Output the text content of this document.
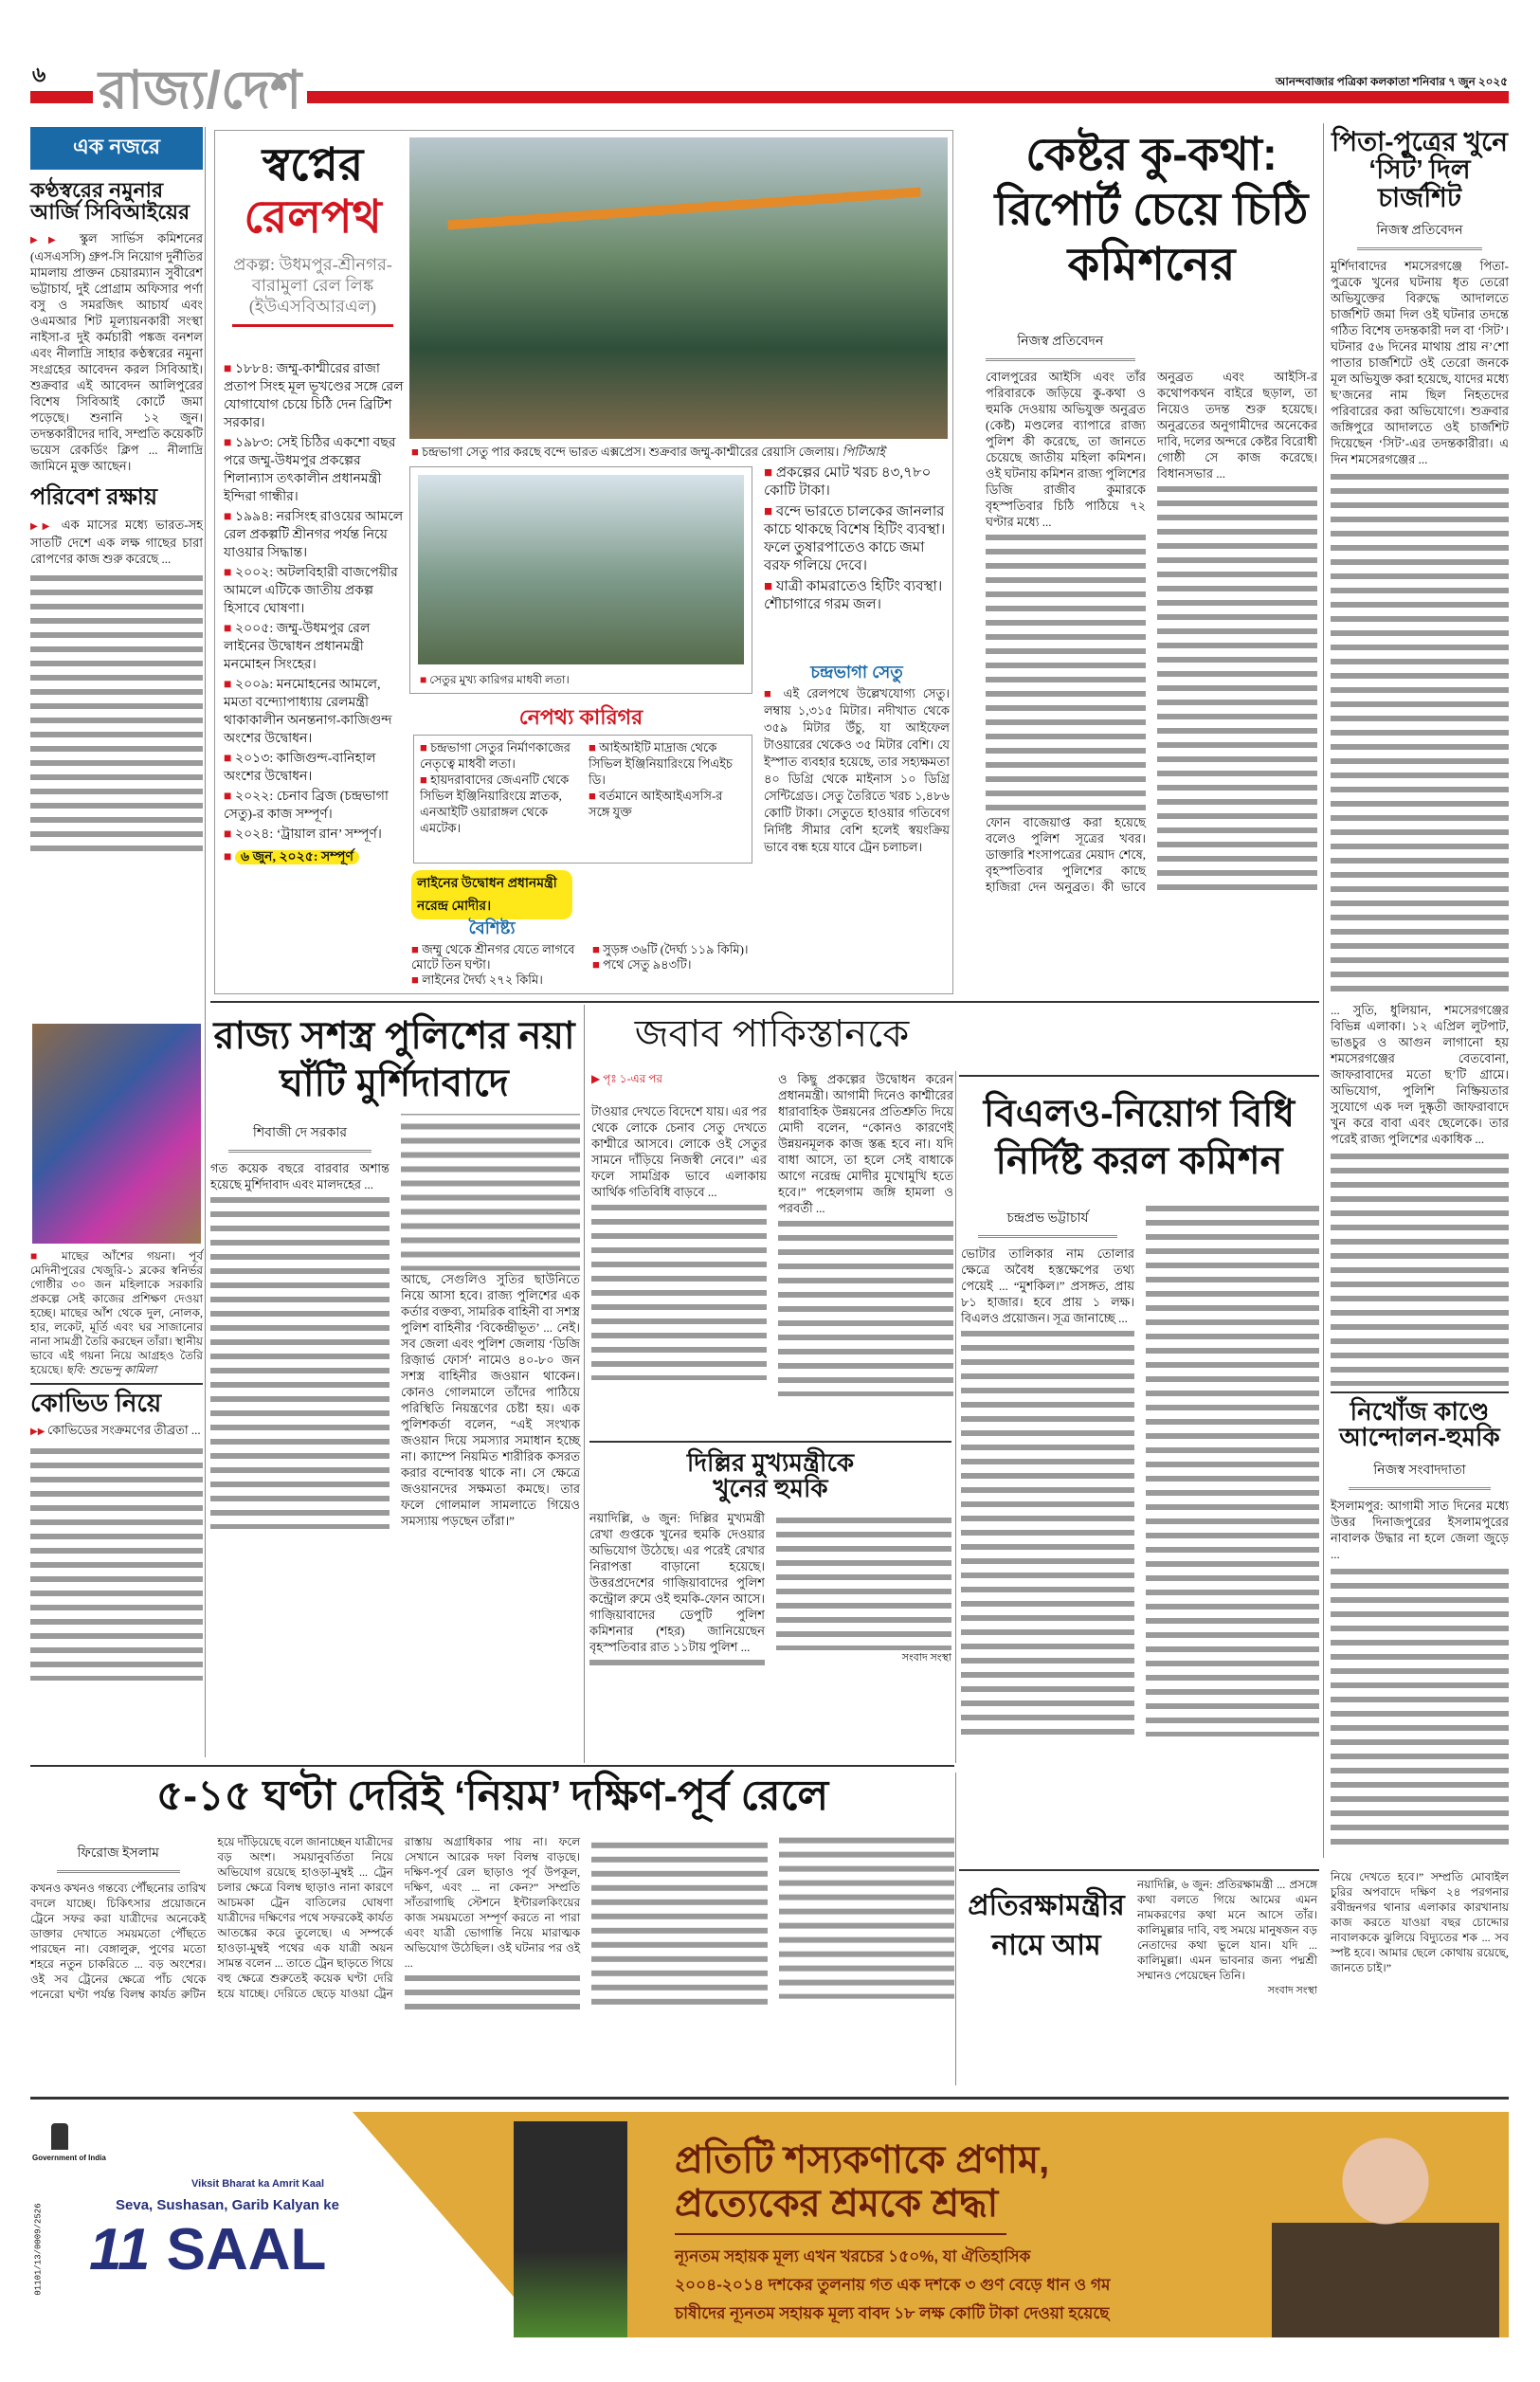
৬ রাজ্য/দেশ	আনন্দবাজার পত্রিকা কলকাতা শনিবার ৭ জুন ২০২৫
এক নজরে
কণ্ঠস্বরের নমুনার আর্জি সিবিআইয়ের

▶▶ স্কুল সার্ভিস কমিশনের (এসএসসি) গ্রুপ-সি নিয়োগ দুর্নীতির মামলায় প্রাক্তন চেয়ারম্যান সুবীরেশ ভট্টাচার্য, দুই প্রোগ্রাম অফিসার পর্ণা বসু ও সমরজিৎ আচার্য এবং ওএমআর শিট মূল্যায়নকারী সংস্থা নাইসা-র দুই কর্মচারী পঙ্কজ বনশল এবং নীলাদ্রি সাহার কণ্ঠস্বরের নমুনা সংগ্রহের আবেদন করল সিবিআই। শুক্রবার এই আবেদন আলিপুরের বিশেষ সিবিআই কোর্টে জমা পড়েছে। শুনানি ১২ জুন। তদন্তকারীদের দাবি, সম্প্রতি কয়েকটি ভয়েস রেকর্ডিং ক্লিপ ... নীলাদ্রি জামিনে মুক্ত আছেন।

পরিবেশ রক্ষায়

▶▶ এক মাসের মধ্যে ভারত-সহ সাতটি দেশে এক লক্ষ গাছের চারা রোপণের কাজ শুরু করেছে ...

■ মাছের আঁশের গয়না। পূর্ব মেদিনীপুরের খেজুরি-১ ব্লকের স্বনির্ভর গোষ্ঠীর ৩০ জন মহিলাকে সরকারি প্রকল্পে সেই কাজের প্রশিক্ষণ দেওয়া হচ্ছে। মাছের আঁশ থেকে দুল, নোলক, হার, লকেট, মূর্তি এবং ঘর সাজানোর নানা সামগ্রী তৈরি করছেন তাঁরা। স্থানীয় ভাবে এই গয়না নিয়ে আগ্রহও তৈরি হয়েছে। ছবি: শুভেন্দু কামিলা

কোভিড নিয়ে

▶▶ কোভিডের সংক্রমণের তীব্রতা ...

স্বপ্নের
রেলপথ
প্রকল্প: উধমপুর-শ্রীনগর-বারামুলা রেল লিঙ্ক (ইউএসবিআরএল)
■ ১৮৮৪: জম্মু-কাশ্মীরের রাজা প্রতাপ সিংহ মূল ভূখণ্ডের সঙ্গে রেল যোগাযোগ চেয়ে চিঠি দেন ব্রিটিশ সরকার।
■ ১৯৮৩: সেই চিঠির একশো বছর পরে জম্মু-উধমপুর প্রকল্পের শিলান্যাস তৎকালীন প্রধানমন্ত্রী ইন্দিরা গান্ধীর।
■ ১৯৯৪: নরসিংহ রাওয়ের আমলে রেল প্রকল্পটি শ্রীনগর পর্যন্ত নিয়ে যাওয়ার সিদ্ধান্ত।
■ ২০০২: অটলবিহারী বাজপেয়ীর আমলে এটিকে জাতীয় প্রকল্প হিসাবে ঘোষণা।
■ ২০০৫: জম্মু-উধমপুর রেল লাইনের উদ্বোধন প্রধানমন্ত্রী মনমোহন সিংহের।
■ ২০০৯: মনমোহনের আমলে, মমতা বন্দ্যোপাধ্যায় রেলমন্ত্রী থাকাকালীন অনন্তনাগ-কাজিগুন্দ অংশের উদ্বোধন।
■ ২০১৩: কাজিগুন্দ-বানিহাল অংশের উদ্বোধন।
■ ২০২২: চেনাব ব্রিজ (চন্দ্রভাগা সেতু)-র কাজ সম্পূর্ণ।
■ ২০২৪: ‘ট্রায়াল রান’ সম্পূর্ণ।
■ ৬ জুন, ২০২৫: সম্পূর্ণ

■ চন্দ্রভাগা সেতু পার করছে বন্দে ভারত এক্সপ্রেস। শুক্রবার জম্মু-কাশ্মীরের রেয়াসি জেলায়। পিটিআই

■ সেতুর মুখ্য কারিগর মাধবী লতা।
■ প্রকল্পের মোট খরচ ৪৩,৭৮০ কোটি টাকা।
■ বন্দে ভারতে চালকের জানলার কাচে থাকছে বিশেষ হিটিং ব্যবস্থা। ফলে তুষারপাতেও কাচে জমা বরফ গলিয়ে দেবে।
■ যাত্রী কামরাতেও হিটিং ব্যবস্থা। শৌচাগারে গরম জল।
নেপথ্য কারিগর
■ চন্দ্রভাগা সেতুর নির্মাণকাজের নেতৃত্বে মাধবী লতা।
■ হায়দরাবাদের জেএনটি থেকে সিভিল ইঞ্জিনিয়ারিংয়ে স্নাতক, এনআইটি ওয়ারাঙ্গল থেকে এমটেক।
■ আইআইটি মাদ্রাজ থেকে সিভিল ইঞ্জিনিয়ারিংয়ে পিএইচ ডি।
■ বর্তমানে আইআইএসসি-র সঙ্গে যুক্ত
লাইনের উদ্বোধন প্রধানমন্ত্রী নরেন্দ্র মোদীর।
বৈশিষ্ট্য
■ জম্মু থেকে শ্রীনগর যেতে লাগবে মোটে তিন ঘণ্টা।
■ লাইনের দৈর্ঘ্য ২৭২ কিমি।
■ সুড়ঙ্গ ৩৬টি (দৈর্ঘ্য ১১৯ কিমি)।
■ পথে সেতু ৯৪৩টি।
চন্দ্রভাগা সেতু

■ এই রেলপথে উল্লেখযোগ্য সেতু। লম্বায় ১,৩১৫ মিটার। নদীখাত থেকে ৩৫৯ মিটার উঁচু, যা আইফেল টাওয়ারের থেকেও ৩৫ মিটার বেশি। যে ইস্পাত ব্যবহার হয়েছে, তার সহ্যক্ষমতা ৪০ ডিগ্রি থেকে মাইনাস ১০ ডিগ্রি সেন্টিগ্রেড। সেতু তৈরিতে খরচ ১,৪৮৬ কোটি টাকা। সেতুতে হাওয়ার গতিবেগ নির্দিষ্ট সীমার বেশি হলেই স্বয়ংক্রিয় ভাবে বন্ধ হয়ে যাবে ট্রেন চলাচল।

কেষ্টর কু-কথা: রিপোর্ট চেয়ে চিঠি কমিশনের
নিজস্ব প্রতিবেদন

বোলপুরের আইসি এবং তাঁর পরিবারকে জড়িয়ে কু-কথা ও হুমকি দেওয়ায় অভিযুক্ত অনুব্রত (কেষ্ট) মণ্ডলের ব্যাপারে রাজ্য পুলিশ কী করেছে, তা জানতে চেয়েছে জাতীয় মহিলা কমিশন। ওই ঘটনায় কমিশন রাজ্য পুলিশের ডিজি রাজীব কুমারকে বৃহস্পতিবার চিঠি পাঠিয়ে ৭২ ঘণ্টার মধ্যে ...

ফোন বাজেয়াপ্ত করা হয়েছে বলেও পুলিশ সূত্রের খবর। ডাক্তারি শংসাপত্রের মেয়াদ শেষে, বৃহস্পতিবার পুলিশের কাছে হাজিরা দেন অনুব্রত। কী ভাবে অনুব্রত এবং আইসি-র কথোপকথন বাইরে ছড়াল, তা নিয়েও তদন্ত শুরু হয়েছে। অনুব্রতের অনুগামীদের অনেকের দাবি, দলের অন্দরে কেষ্টর বিরোধী গোষ্ঠী সে কাজ করেছে। বিধানসভার ...

পিতা-পুত্রের খুনে ‘সিট’ দিল চার্জশিট
নিজস্ব প্রতিবেদন

মুর্শিদাবাদের শমসেরগঞ্জে পিতা-পুত্রকে খুনের ঘটনায় ধৃত তেরো অভিযুক্তের বিরুদ্ধে আদালতে চার্জশিট জমা দিল ওই ঘটনার তদন্তে গঠিত বিশেষ তদন্তকারী দল বা ‘সিট’। ঘটনার ৫৬ দিনের মাথায় প্রায় ন’শো পাতার চার্জশিটে ওই তেরো জনকে মূল অভিযুক্ত করা হয়েছে, যাদের মধ্যে ছ’জনের নাম ছিল নিহতদের পরিবারের করা অভিযোগে। শুক্রবার জঙ্গিপুরে আদালতে ওই চার্জশিট দিয়েছেন ‘সিট’-এর তদন্তকারীরা। এ দিন শমসেরগঞ্জের ...

... সুতি, ধুলিয়ান, শমসেরগঞ্জের বিভিন্ন এলাকা। ১২ এপ্রিল লুটপাট, ভাঙচুর ও আগুন লাগানো হয় শমসেরগঞ্জের বেতবোনা, জাফরাবাদের মতো ছ’টি গ্রামে। অভিযোগ, পুলিশি নিষ্ক্রিয়তার সুযোগে এক দল দুষ্কৃতী জাফরাবাদে খুন করে বাবা এবং ছেলেকে। তার পরেই রাজ্য পুলিশের একাধিক ...

নিখোঁজ কাণ্ডে আন্দোলন-হুমকি
নিজস্ব সংবাদদাতা

ইসলামপুর: আগামী সাত দিনের মধ্যে উত্তর দিনাজপুরের ইসলামপুরের নাবালক উদ্ধার না হলে জেলা জুড়ে ...

রাজ্য সশস্ত্র পুলিশের নয়া ঘাঁটি মুর্শিদাবাদে
শিবাজী দে সরকার

গত কয়েক বছরে বারবার অশান্ত হয়েছে মুর্শিদাবাদ এবং মালদহের ...

আছে, সেগুলিও সুতির ছাউনিতে নিয়ে আসা হবে। রাজ্য পুলিশের এক কর্তার বক্তব্য, সামরিক বাহিনী বা সশস্ত্র পুলিশ বাহিনীর ‘বিকেন্দ্রীভূত’ ... নেই। সব জেলা এবং পুলিশ জেলায় ‘ডিজি রিজ়ার্ভ ফোর্স’ নামেও ৪০-৮০ জন সশস্ত্র বাহিনীর জওয়ান থাকেন। কোনও গোলমালে তাঁদের পাঠিয়ে পরিস্থিতি নিয়ন্ত্রণের চেষ্টা হয়। এক পুলিশকর্তা বলেন, “এই সংখ্যক জওয়ান দিয়ে সমস্যার সমাধান হচ্ছে না। ক্যাম্পে নিয়মিত শারীরিক কসরত করার বন্দোবস্ত থাকে না। সে ক্ষেত্রে জওয়ানদের সক্ষমতা কমছে। তার ফলে গোলমাল সামলাতে গিয়েও সমস্যায় পড়ছেন তাঁরা।”

জবাব পাকিস্তানকে
▶ পৃঃ ১-এর পর

টাওয়ার দেখতে বিদেশে যায়। এর পর থেকে লোকে চেনাব সেতু দেখতে কাশ্মীরে আসবে। লোকে ওই সেতুর সামনে দাঁড়িয়ে নিজস্বী নেবে।” এর ফলে সামগ্রিক ভাবে এলাকায় আর্থিক গতিবিধি বাড়বে ...

ও কিছু প্রকল্পের উদ্বোধন করেন প্রধানমন্ত্রী। আগামী দিনেও কাশ্মীরের ধারাবাহিক উন্নয়নের প্রতিশ্রুতি দিয়ে মোদী বলেন, “কোনও কারণেই উন্নয়নমূলক কাজ স্তব্ধ হবে না। যদি বাধা আসে, তা হলে সেই বাধাকে আগে নরেন্দ্র মোদীর মুখোমুখি হতে হবে।” পহেলগাম জঙ্গি হামলা ও পরবর্তী ...

দিল্লির মুখ্যমন্ত্রীকে
খুনের হুমকি

নয়াদিল্লি, ৬ জুন: দিল্লির মুখ্যমন্ত্রী রেখা গুপ্তকে খুনের হুমকি দেওয়ার অভিযোগ উঠেছে। এর পরেই রেখার নিরাপত্তা বাড়ানো হয়েছে। উত্তরপ্রদেশের গাজ়িয়াবাদের পুলিশ কন্ট্রোল রুমে ওই হুমকি-ফোন আসে। গাজ়িয়াবাদের ডেপুটি পুলিশ কমিশনার (শহর) জানিয়েছেন বৃহস্পতিবার রাত ১১টায় পুলিশ ...

সংবাদ সংস্থা

বিএলও-নিয়োগ বিধি নির্দিষ্ট করল কমিশন
চন্দ্রপ্রভ ভট্টাচার্য

ভোটার তালিকার নাম তোলার ক্ষেত্রে অবৈধ হস্তক্ষেপের তথ্য পেয়েই ... “মুশকিল।” প্রসঙ্গত, প্রায় ৮১ হাজার। হবে প্রায় ১ লক্ষ। বিএলও প্রয়োজন। সূত্র জানাচ্ছে ...

৫-১৫ ঘণ্টা দেরিই ‘নিয়ম’ দক্ষিণ-পূর্ব রেলে
ফিরোজ ইসলাম

কখনও কখনও গন্তব্যে পৌঁছনোর তারিখ বদলে যাচ্ছে। চিকিৎসার প্রয়োজনে ট্রেনে সফর করা যাত্রীদের অনেকেই ডাক্তার দেখাতে সময়মতো পৌঁছতে পারছেন না। বেঙ্গালুরু, পুণের মতো শহরে নতুন চাকরিতে ... বড় অংশের। ওই সব ট্রেনের ক্ষেত্রে পাঁচ থেকে পনেরো ঘণ্টা পর্যন্ত বিলম্ব কার্যত রুটিন হয়ে দাঁড়িয়েছে বলে জানাচ্ছেন যাত্রীদের বড় অংশ। সময়ানুবর্তিতা নিয়ে অভিযোগ রয়েছে হাওড়া-মুম্বই ... ট্রেন চলার ক্ষেত্রে বিলম্ব ছাড়াও নানা কারণে আচমকা ট্রেন বাতিলের ঘোষণা যাত্রীদের দক্ষিণের পথে সফরকেই কার্যত আতঙ্কের করে তুলেছে। এ সম্পর্কে হাওড়া-মুম্বই পথের এক যাত্রী অয়ন সামন্ত বলেন ... তাতে ট্রেন ছাড়তে গিয়ে বহু ক্ষেত্রে শুরুতেই কয়েক ঘণ্টা দেরি হয়ে যাচ্ছে। দেরিতে ছেড়ে যাওয়া ট্রেন রাস্তায় অগ্রাধিকার পায় না। ফলে সেখানে আরেক দফা বিলম্ব বাড়ছে। দক্ষিণ-পূর্ব রেল ছাড়াও পূর্ব উপকূল, দক্ষিণ, এবং ... না কেন?” সম্প্রতি সাঁতরাগাছি স্টেশনে ইন্টারলকিংয়ের কাজ সময়মতো সম্পূর্ণ করতে না পারা এবং যাত্রী ভোগান্তি নিয়ে মারাত্মক অভিযোগ উঠেছিল। ওই ঘটনার পর ওই ...

প্রতিরক্ষামন্ত্রীর নামে আম

নয়াদিল্লি, ৬ জুন: প্রতিরক্ষামন্ত্রী ... প্রসঙ্গে কথা বলতে গিয়ে আমের এমন নামকরণের কথা মনে আসে তাঁর। কালিমুল্লার দাবি, বহু সময়ে মানুষজন বড় নেতাদের কথা ভুলে যান। যদি ... কালিমুল্লা। এমন ভাবনার জন্য পদ্মশ্রী সম্মানও পেয়েছেন তিনি।

সংবাদ সংস্থা

নিয়ে দেখতে হবে।” সম্প্রতি মোবাইল চুরির অপবাদে দক্ষিণ ২৪ পরগনার রবীন্দ্রনগর থানার এলাকার কারখানায় কাজ করতে যাওয়া বছর চোদ্দোর নাবালককে ঝুলিয়ে বিদ্যুতের শক ... সব স্পষ্ট হবে। আমার ছেলে কোথায় রয়েছে, জানতে চাই।”

Government of India
01101/13/0009/2526
Viksit Bharat ka Amrit Kaal
Seva, Sushasan, Garib Kalyan ke
11 SAAL
প্রতিটি শস্যকণাকে প্রণাম,
প্রত্যেকের শ্রমকে শ্রদ্ধা
ন্যূনতম সহায়ক মূল্য এখন খরচের ১৫০%, যা ঐতিহাসিক
২০০৪-২০১৪ দশকের তুলনায় গত এক দশকে ৩ গুণ বেড়ে ধান ও গম
চাষীদের ন্যূনতম সহায়ক মূল্য বাবদ ১৮ লক্ষ কোটি টাকা দেওয়া হয়েছে
